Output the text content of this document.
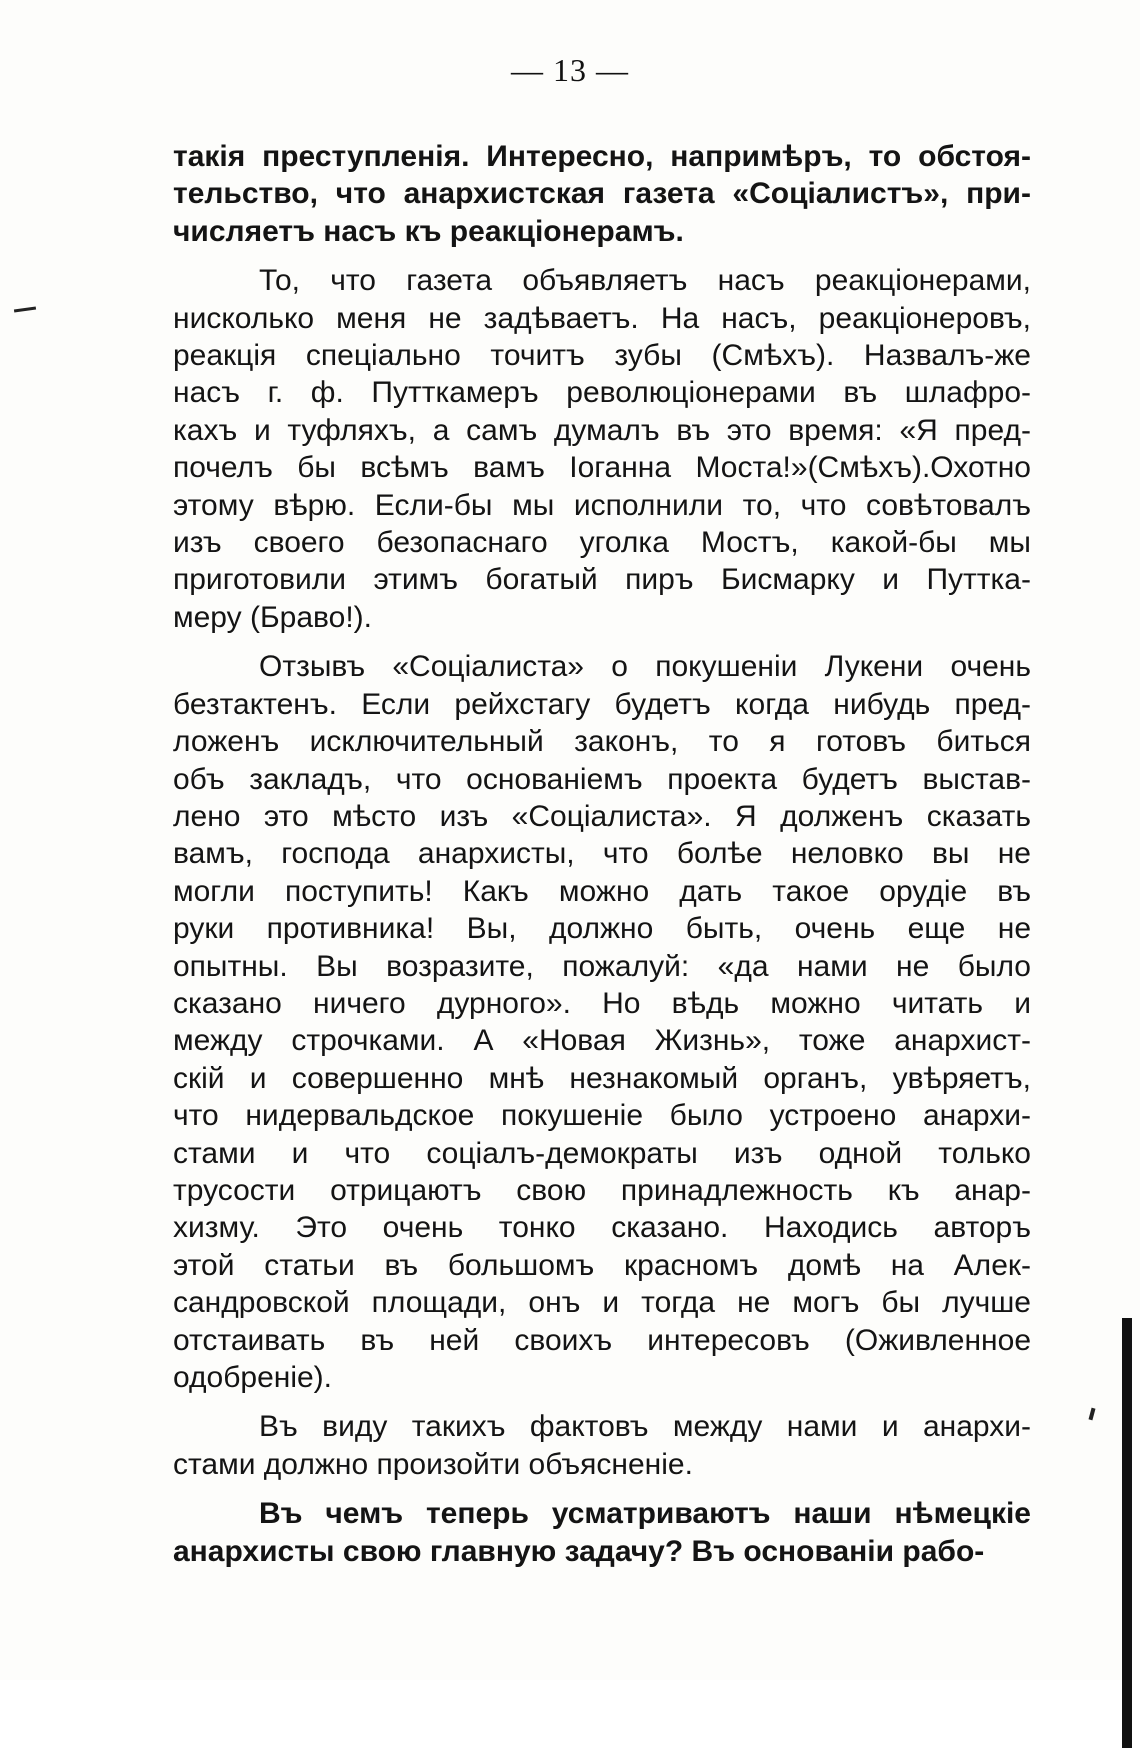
— 13 —

такія преступленія. Интересно, напримѣръ, то обстоя-
тельство, что анархистская газета «Соціалистъ», при-
числяетъ насъ къ реакціонерамъ.

То, что газета объявляетъ насъ реакціонерами,
нисколько меня не задѣваетъ. На насъ, реакціонеровъ,
реакція спеціально точитъ зубы (Смѣхъ). Назвалъ-же
насъ г. ф. Путткамеръ революціонерами въ шлафро-
кахъ и туфляхъ, а самъ думалъ въ это время: «Я пред-
почелъ бы всѣмъ вамъ Іоганна Моста!»(Смѣхъ).Охотно
этому вѣрю. Если-бы мы исполнили то, что совѣтовалъ
изъ своего безопаснаго уголка Мостъ, какой-бы мы
приготовили этимъ богатый пиръ Бисмарку и Путтка-
меру (Браво!).

Отзывъ «Соціалиста» о покушеніи Лукени очень
безтактенъ. Если рейхстагу будетъ когда нибудь пред-
ложенъ исключительный законъ, то я готовъ биться
объ закладъ, что основаніемъ проекта будетъ выстав-
лено это мѣсто изъ «Соціалиста». Я долженъ сказать
вамъ, господа анархисты, что болѣе неловко вы не
могли поступить! Какъ можно дать такое орудіе въ
руки противника! Вы, должно быть, очень еще не
опытны. Вы возразите, пожалуй: «да нами не было
сказано ничего дурного». Но вѣдь можно читать и
между строчками. А «Новая Жизнь», тоже анархист-
скій и совершенно мнѣ незнакомый органъ, увѣряетъ,
что нидервальдское покушеніе было устроено анархи-
стами и что соціалъ-демократы изъ одной только
трусости отрицаютъ свою принадлежность къ анар-
хизму. Это очень тонко сказано. Находись авторъ
этой статьи въ большомъ красномъ домѣ на Алек-
сандровской площади, онъ и тогда не могъ бы лучше
отстаивать въ ней своихъ интересовъ (Оживленное
одобреніе).

Въ виду такихъ фактовъ между нами и анархи-
стами должно произойти объясненіе.

Въ чемъ теперь усматриваютъ наши нѣмецкіе
анархисты свою главную задачу? Въ основаніи рабо-
